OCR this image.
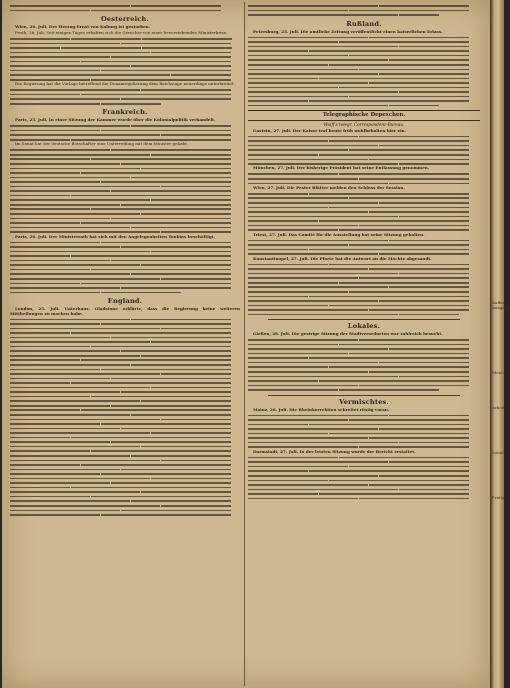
Oesterreich.

Wien, 26. Juli. Der Herzog Ernst von Koburg ist gestorben.

Pesth, 26. Juli. Seit einigen Tagen erhalten sich die Gerüchte von einer bevorstehenden Ministerkrise.

Die Regierung hat die Vorlage betreffend die Donauregulierung dem Reichstage neuerdings unterbreitet.

Frankreich.

Paris, 25. Juli. In einer Sitzung der Kammer wurde über die Kolonialpolitik verhandelt.

Im Senat hat der deutsche Botschafter eine Unterredung mit dem Minister gehabt.

Paris, 26. Juli. Der Ministerrath hat sich mit den Angelegenheiten Tonkins beschäftigt.

England.

London, 25. Juli. Unterhaus. Gladstone erklärte, dass die Regierung keine weiteren Mittheilungen zu machen habe.

Rußland.

Petersburg, 25. Juli. Die amtliche Zeitung veröffentlicht einen kaiserlichen Erlass.

Telegraphische Depeschen.
Wolff's telegr. Correspondenz-Bureau.

Gastein, 27. Juli. Der Kaiser traf heute früh wohlbehalten hier ein.

München, 27. Juli. Der bisherige Präsident hat seine Entlassung genommen.

Wien, 27. Juli. Die Pester Blätter melden den Schluss der Session.

Triest, 27. Juli. Das Comité für die Ausstellung hat seine Sitzung gehalten.

Konstantinopel, 27. Juli. Die Pforte hat die Antwort an die Mächte abgesandt.

Lokales.

Gießen, 28. Juli. Die gestrige Sitzung der Stadtverordneten war zahlreich besucht.

Vermischtes.

Mainz, 26. Juli. Die Rheinkorrektion schreitet rüstig voran.

Darmstadt, 27. Juli. In der letzten Sitzung wurde der Bericht erstattet.

Aufford
Ausgang
Montag
Arbeiter
Sonntag
Freitag
